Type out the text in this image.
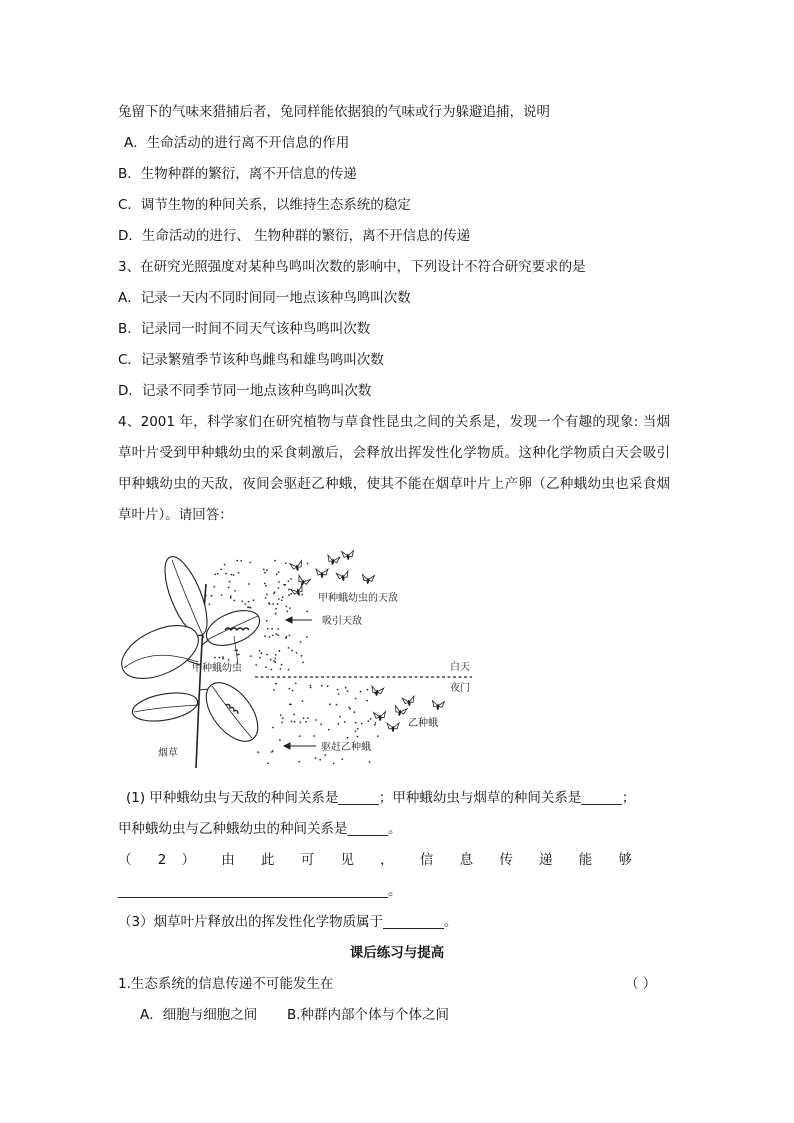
兔留下的气味来猎捕后者，兔同样能依据狼的气味或行为躲避追捕，说明
A．生命活动的进行离不开信息的作用
B．生物种群的繁衍，离不开信息的传递
C．调节生物的种间关系，以维持生态系统的稳定
D．生命活动的进行、 生物种群的繁衍，离不开信息的传递
3、在研究光照强度对某种鸟鸣叫次数的影响中，下列设计不符合研究要求的是
A．记录一天内不同时间同一地点该种鸟鸣叫次数
B．记录同一时间不同天气该种鸟鸣叫次数
C．记录繁殖季节该种鸟雌鸟和雄鸟鸣叫次数
D．记录不同季节同一地点该种鸟鸣叫次数
4、2001 年，科学家们在研究植物与草食性昆虫之间的关系是，发现一个有趣的现象: 当烟
草叶片受到甲种蛾幼虫的采食刺激后，会释放出挥发性化学物质。这种化学物质白天会吸引
甲种蛾幼虫的天敌，夜间会驱赶乙种蛾，使其不能在烟草叶片上产卵（乙种蛾幼虫也采食烟
草叶片）。请回答：
甲种蛾幼虫的天敌
吸引天敌
甲种蛾幼虫	白天
夜门
乙种蛾
驱赶乙种蛾
烟草
(1) 甲种蛾幼虫与天敌的种间关系是______；甲种蛾幼虫与烟草的种间关系是______；
甲种蛾幼虫与乙种蛾幼虫的种间关系是______。
（ 2 ） 由 此 可 见 ， 信 息 传 递 能 够
________________________________________。
（3）烟草叶片释放出的挥发性化学物质属于_________。
课后练习与提高
1.生态系统的信息传递不可能发生在	（ ）
A．细胞与细胞之间 B.种群内部个体与个体之间
